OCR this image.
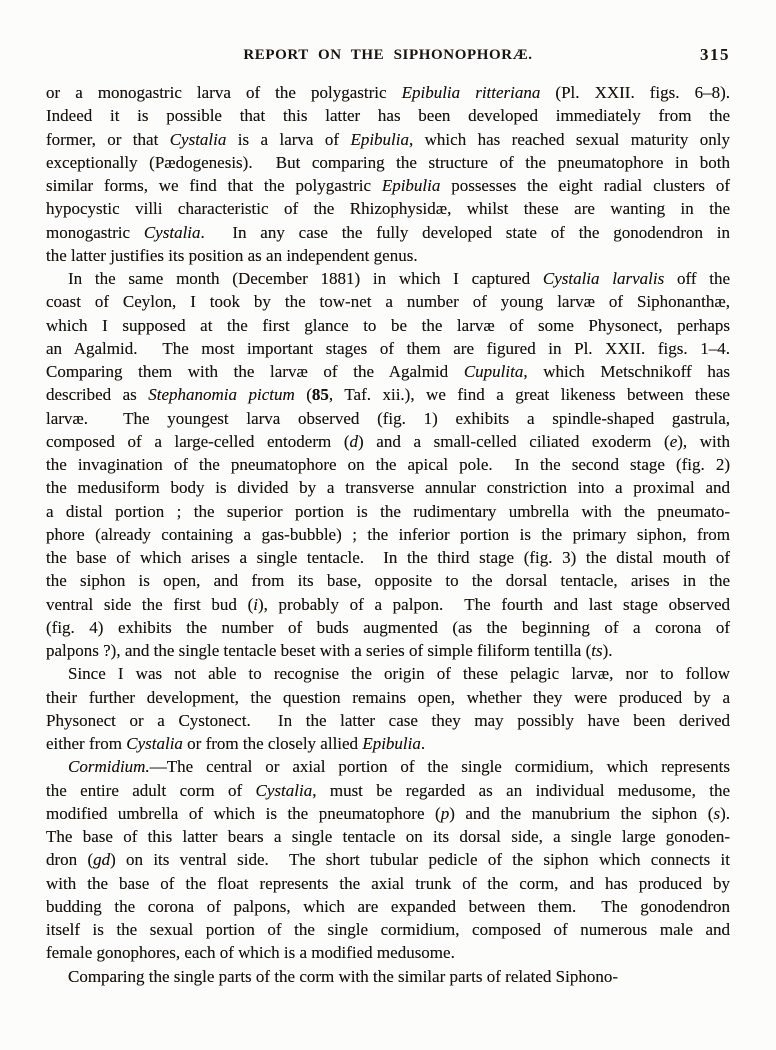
REPORT ON THE SIPHONOPHORÆ.	315
or a monogastric larva of the polygastric Epibulia ritteriana (Pl. XXII. figs. 6–8).
Indeed it is possible that this latter has been developed immediately from the
former, or that Cystalia is a larva of Epibulia, which has reached sexual maturity only
exceptionally (Pædogenesis).  But comparing the structure of the pneumatophore in both
similar forms, we find that the polygastric Epibulia possesses the eight radial clusters of
hypocystic villi characteristic of the Rhizophysidæ, whilst these are wanting in the
monogastric Cystalia.  In any case the fully developed state of the gonodendron in
the latter justifies its position as an independent genus.
In the same month (December 1881) in which I captured Cystalia larvalis off the
coast of Ceylon, I took by the tow-net a number of young larvæ of Siphonanthæ,
which I supposed at the first glance to be the larvæ of some Physonect, perhaps
an Agalmid.  The most important stages of them are figured in Pl. XXII. figs. 1–4.
Comparing them with the larvæ of the Agalmid Cupulita, which Metschnikoff has
described as Stephanomia pictum (85, Taf. xii.), we find a great likeness between these
larvæ.  The youngest larva observed (fig. 1) exhibits a spindle-shaped gastrula,
composed of a large-celled entoderm (d) and a small-celled ciliated exoderm (e), with
the invagination of the pneumatophore on the apical pole.  In the second stage (fig. 2)
the medusiform body is divided by a transverse annular constriction into a proximal and
a distal portion ; the superior portion is the rudimentary umbrella with the pneumato-
phore (already containing a gas-bubble) ; the inferior portion is the primary siphon, from
the base of which arises a single tentacle.  In the third stage (fig. 3) the distal mouth of
the siphon is open, and from its base, opposite to the dorsal tentacle, arises in the
ventral side the first bud (i), probably of a palpon.  The fourth and last stage observed
(fig. 4) exhibits the number of buds augmented (as the beginning of a corona of
palpons ?), and the single tentacle beset with a series of simple filiform tentilla (ts).
Since I was not able to recognise the origin of these pelagic larvæ, nor to follow
their further development, the question remains open, whether they were produced by a
Physonect or a Cystonect.  In the latter case they may possibly have been derived
either from Cystalia or from the closely allied Epibulia.
Cormidium.—The central or axial portion of the single cormidium, which represents
the entire adult corm of Cystalia, must be regarded as an individual medusome, the
modified umbrella of which is the pneumatophore (p) and the manubrium the siphon (s).
The base of this latter bears a single tentacle on its dorsal side, a single large gonoden-
dron (gd) on its ventral side.  The short tubular pedicle of the siphon which connects it
with the base of the float represents the axial trunk of the corm, and has produced by
budding the corona of palpons, which are expanded between them.  The gonodendron
itself is the sexual portion of the single cormidium, composed of numerous male and
female gonophores, each of which is a modified medusome.
Comparing the single parts of the corm with the similar parts of related Siphono-
